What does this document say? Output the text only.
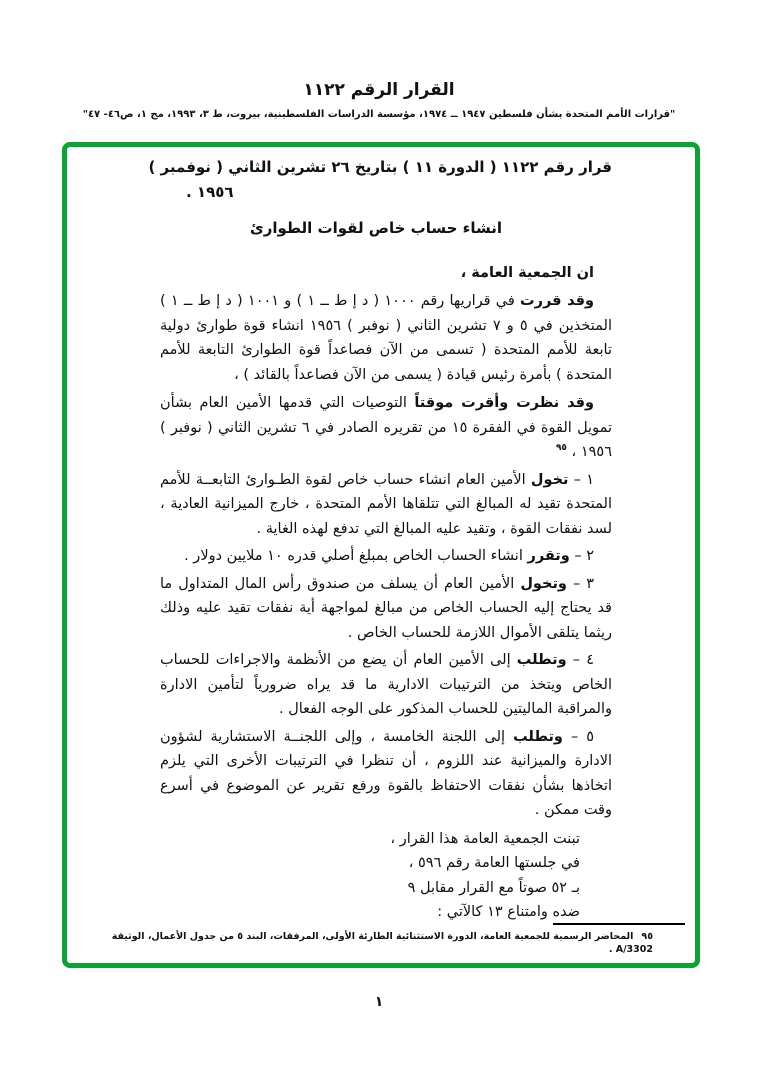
القرار الرقم ١١٢٢
"قرارات الأمم المتحدة بشأن فلسطين ١٩٤٧ ــ ١٩٧٤، مؤسسة الدراسات الفلسطينية، بيروت، ط ٣، ١٩٩٣، مج ١، ص٤٦- ٤٧"
قرار رقم ١١٢٢ ( الدورة ١١ ) بتاريخ ٢٦ تشرين الثاني ( نوفمبر )
١٩٥٦ .
انشاء حساب خاص لقوات الطوارئ
ان الجمعية العامة ،
وقد قررت في قراريها رقم ١٠٠٠ ( د إ ط ــ ١ ) و ١٠٠١ ( د إ ط ــ ١ ) المتخذين في ٥ و ٧ تشرين الثاني ( نوفبر ) ١٩٥٦ انشاء قوة طوارئ دولية تابعة للأمم المتحدة ( تسمى من الآن فصاعداً قوة الطوارئ التابعة للأمم المتحدة ) بأمرة رئيس قيادة ( يسمى من الآن فصاعداً بالقائد ) ،
وقد نظرت وأقرت موقتاً التوصيات التي قدمها الأمين العام بشأن تمويل القوة في الفقرة ١٥ من تقريره الصادر في ٦ تشرين الثاني ( نوفبر ) ١٩٥٦ ، $^{٩٥}$
١ – تخول الأمين العام انشاء حساب خاص لقوة الطـوارئ التابعــة للأمم المتحدة تقيد له المبالغ التي تتلقاها الأمم المتحدة ، خارج الميزانية العادية ، لسد نفقات القوة ، وتقيد عليه المبالغ التي تدفع لهذه الغاية .
٢ – وتقرر انشاء الحساب الخاص بمبلغ أصلي قدره ١٠ ملايين دولار .
٣ – وتخول الأمين العام أن يسلف من صندوق رأس المال المتداول ما قد يحتاج إليه الحساب الخاص من مبالغ لمواجهة أية نفقات تقيد عليه وذلك ريثما يتلقى الأموال اللازمة للحساب الخاص .
٤ – وتطلب إلى الأمين العام أن يضع من الأنظمة والاجراءات للحساب الخاص ويتخذ من الترتيبات الادارية ما قد يراه ضرورياً لتأمين الادارة والمراقبة الماليتين للحساب المذكور على الوجه الفعال .
٥ – وتطلب إلى اللجنة الخامسة ، وإلى اللجنــة الاستشارية لشؤون الادارة والميزانية عند اللزوم ، أن تنظرا في الترتيبات الأخرى التي يلزم اتخاذها بشأن نفقات الاحتفاظ بالقوة ورفع تقرير عن الموضوع في أسرع وقت ممكن .
تبنت الجمعية العامة هذا القرار ،
في جلستها العامة رقم ٥٩٦ ،
بـ ٥٢ صوتاً مع القرار مقابل ٩
ضده وامتناع ١٣ كالآتي :
٩٥المحاضر الرسمية للجمعية العامة، الدورة الاستثنائية الطارئة الأولى، المرفقات، البند ٥ من جدول الأعمال، الوثيقة A/3302 .
١
